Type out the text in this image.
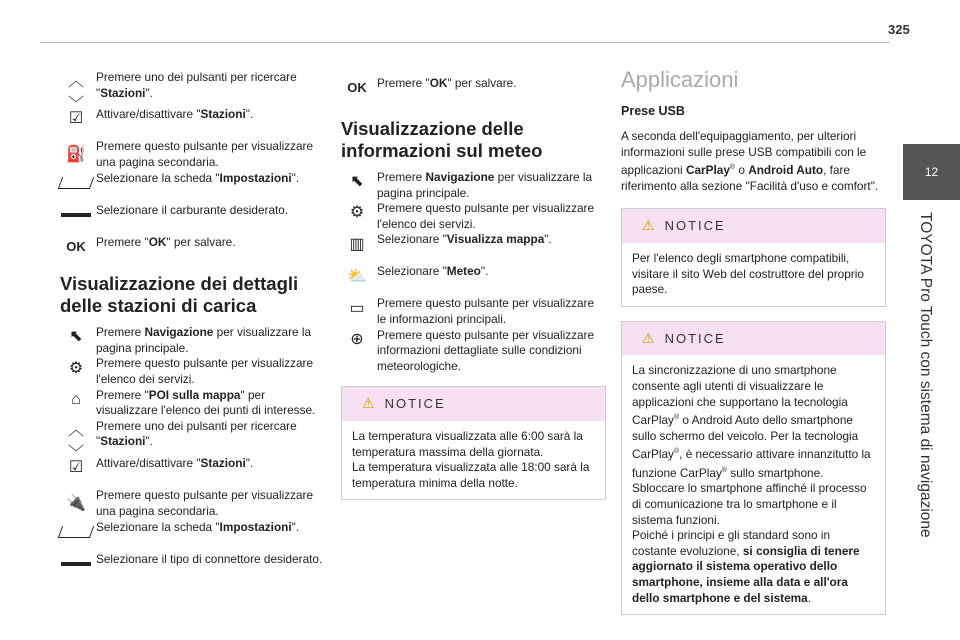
325
12
TOYOTA Pro Touch con sistema di navigazione
︿	Premere uno dei pulsanti per ricercare "Stazioni".
﹀
☑	Attivare/disattivare "Stazioni".
⛽
Premere questo pulsante per visualizzare una pagina secondaria.
Selezionare la scheda "Impostazioni".
Selezionare il carburante desiderato.
OK Premere "OK" per salvare.
Visualizzazione dei dettagli delle stazioni di carica
⬉	Premere Navigazione per visualizzare la pagina principale.
⚙	Premere questo pulsante per visualizzare l'elenco dei servizi.
⌂	Premere "POI sulla mappa" per visualizzare l'elenco dei punti di interesse.
︿	Premere uno dei pulsanti per ricercare "Stazioni".
﹀
☑	Attivare/disattivare "Stazioni".
🔌
Premere questo pulsante per visualizzare una pagina secondaria.
Selezionare la scheda "Impostazioni".
Selezionare il tipo di connettore desiderato.
OK Premere "OK" per salvare.
Visualizzazione delle informazioni sul meteo
⬉	Premere Navigazione per visualizzare la pagina principale.
⚙	Premere questo pulsante per visualizzare l'elenco dei servizi.
▥	Selezionare "Visualizza mappa".
⛅ Selezionare "Meteo".
▭	Premere questo pulsante per visualizzare le informazioni principali.
⊕	Premere questo pulsante per visualizzare informazioni dettagliate sulle condizioni meteorologiche.
⚠ NOTICE
La temperatura visualizzata alle 6:00 sarà la temperatura massima della giornata.
La temperatura visualizzata alle 18:00 sarà la temperatura minima della notte.
Applicazioni
Prese USB

A seconda dell'equipaggiamento, per ulteriori informazioni sulle prese USB compatibili con le applicazioni CarPlay® o Android Auto, fare riferimento alla sezione "Facilità d'uso e comfort".

⚠ NOTICE
Per l'elenco degli smartphone compatibili, visitare il sito Web del costruttore del proprio paese.
⚠ NOTICE
La sincronizzazione di uno smartphone consente agli utenti di visualizzare le applicazioni che supportano la tecnologia CarPlay® o Android Auto dello smartphone sullo schermo del veicolo. Per la tecnologia CarPlay®, è necessario attivare innanzitutto la funzione CarPlay® sullo smartphone.
Sbloccare lo smartphone affinché il processo di comunicazione tra lo smartphone e il sistema funzioni.
Poiché i principi e gli standard sono in costante evoluzione, si consiglia di tenere aggiornato il sistema operativo dello smartphone, insieme alla data e all'ora dello smartphone e del sistema.
